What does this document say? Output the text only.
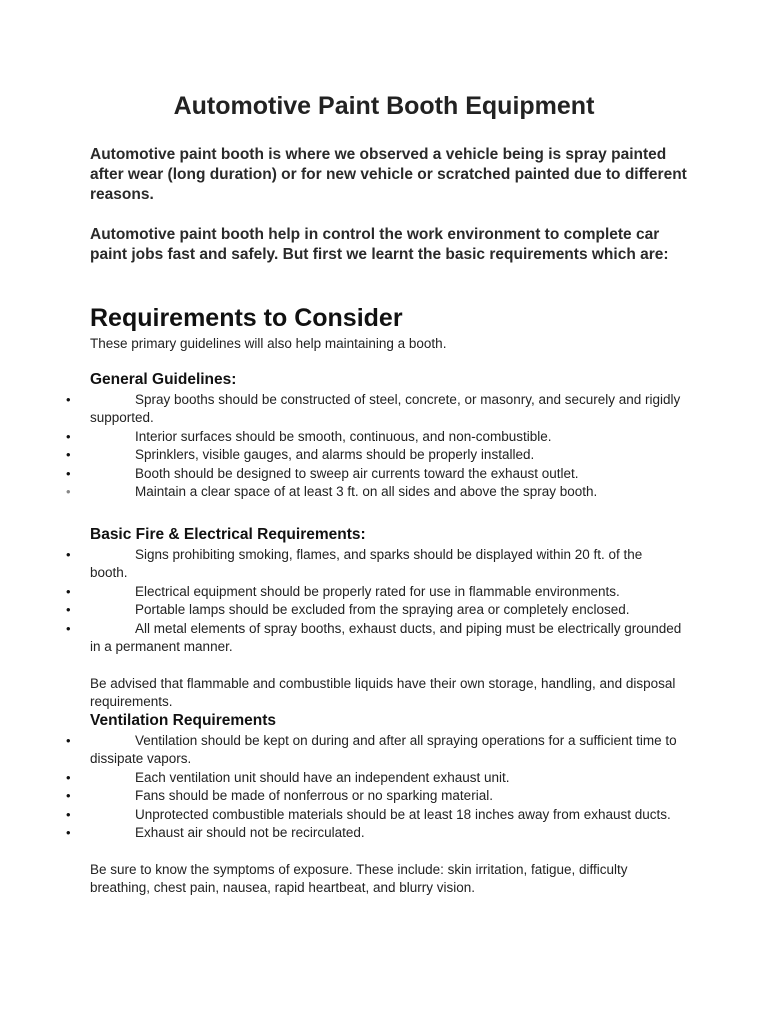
Automotive Paint Booth Equipment

Automotive paint booth is where we observed a vehicle being is spray painted after wear (long duration) or for new vehicle or scratched painted due to different reasons.

Automotive paint booth help in control the work environment to complete car paint jobs fast and safely. But first we learnt the basic requirements which are:

Requirements to Consider

These primary guidelines will also help maintaining a booth.

General Guidelines:
•	Spray booths should be constructed of steel, concrete, or masonry, and securely and rigidly supported.
•	Interior surfaces should be smooth, continuous, and non-combustible.
•	Sprinklers, visible gauges, and alarms should be properly installed.
•	Booth should be designed to sweep air currents toward the exhaust outlet.
•	Maintain a clear space of at least 3 ft. on all sides and above the spray booth.
Basic Fire & Electrical Requirements:
•	Signs prohibiting smoking, flames, and sparks should be displayed within 20 ft. of the booth.
•	Electrical equipment should be properly rated for use in flammable environments.
•	Portable lamps should be excluded from the spraying area or completely enclosed.
•	All metal elements of spray booths, exhaust ducts, and piping must be electrically grounded in a permanent manner.

Be advised that flammable and combustible liquids have their own storage, handling, and disposal requirements.

Ventilation Requirements
•	Ventilation should be kept on during and after all spraying operations for a sufficient time to dissipate vapors.
•	Each ventilation unit should have an independent exhaust unit.
•	Fans should be made of nonferrous or no sparking material.
•	Unprotected combustible materials should be at least 18 inches away from exhaust ducts.
•	Exhaust air should not be recirculated.

Be sure to know the symptoms of exposure. These include: skin irritation, fatigue, difficulty breathing, chest pain, nausea, rapid heartbeat, and blurry vision.
